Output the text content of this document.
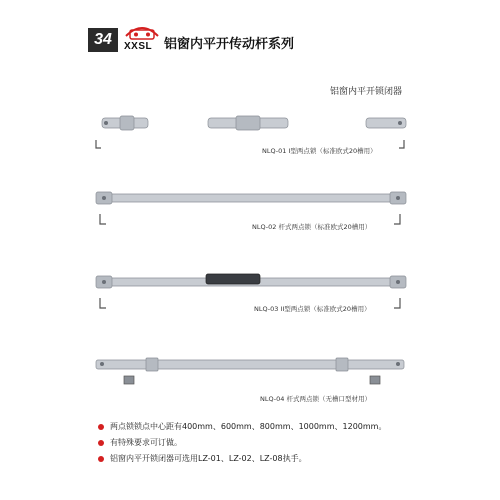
34	XXSL 铝窗内平开传动杆系列
铝窗内平开锁闭器
NLQ-01 I型两点锁（标准欧式20槽用）
NLQ-02 杆式两点锁（标准欧式20槽用）
NLQ-03 II型两点锁（标准欧式20槽用）
NLQ-04 杆式两点锁（无槽口型材用）
两点锁锁点中心距有400mm、600mm、800mm、1000mm、1200mm。
有特殊要求可订做。
铝窗内平开锁闭器可选用LZ-01、LZ-02、LZ-08执手。
